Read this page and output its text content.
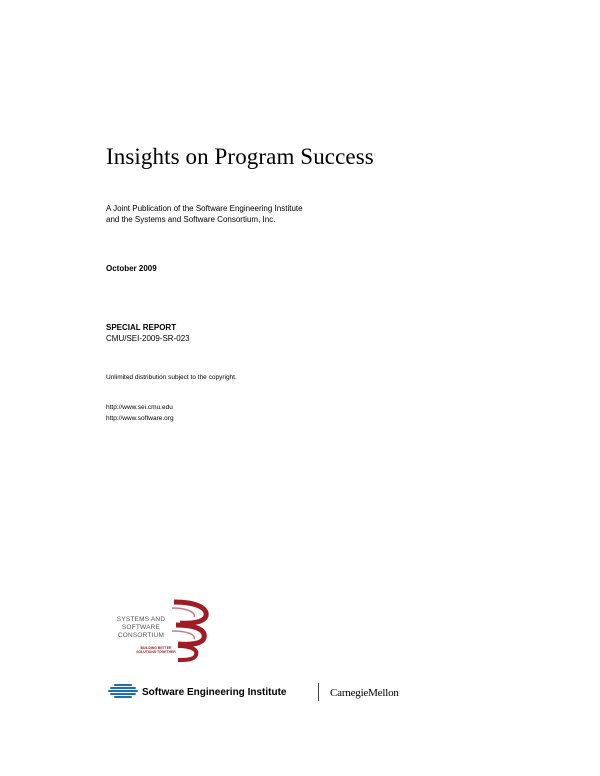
Insights on Program Success
A Joint Publication of the Software Engineering Institute
and the Systems and Software Consortium, Inc.
October 2009
SPECIAL REPORT
CMU/SEI-2009-SR-023
Unlimited distribution subject to the copyright.
http://www.sei.cmu.edu
http://www.software.org
SYSTEMS AND
SOFTWARE
CONSORTIUM
BUILDING BETTER
SOLUTIONS TOGETHER
Software Engineering Institute	CarnegieMellon
